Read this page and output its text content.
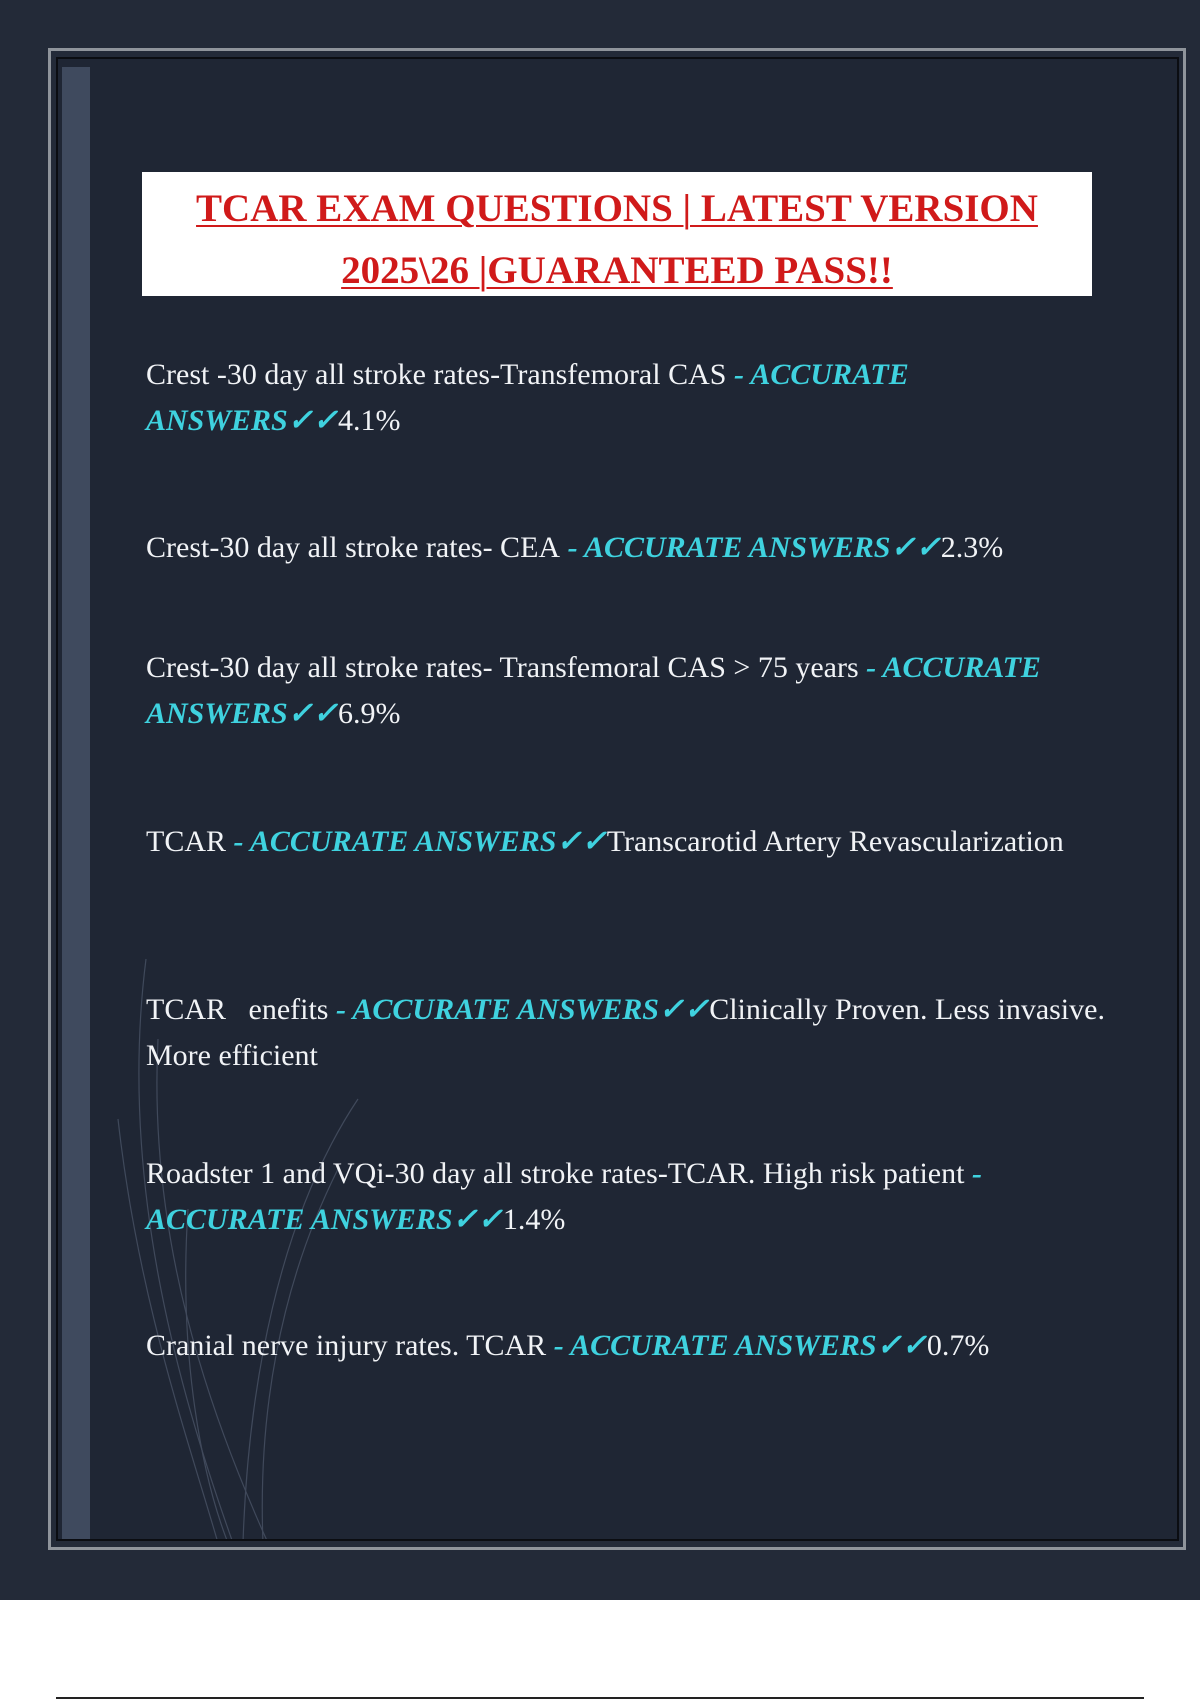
TCAR EXAM QUESTIONS | LATEST VERSION
2025\26 |GUARANTEED PASS!!

Crest -30 day all stroke rates-Transfemoral CAS - ACCURATE ANSWERS✓✓4.1%

Crest-30 day all stroke rates- CEA - ACCURATE ANSWERS✓✓2.3%

Crest-30 day all stroke rates- Transfemoral CAS > 75 years - ACCURATE ANSWERS✓✓6.9%

TCAR - ACCURATE ANSWERS✓✓Transcarotid Artery Revascularization

TCAR   enefits - ACCURATE ANSWERS✓✓Clinically Proven. Less invasive. More efficient

Roadster 1 and VQi-30 day all stroke rates-TCAR. High risk patient - ACCURATE ANSWERS✓✓1.4%

Cranial nerve injury rates. TCAR - ACCURATE ANSWERS✓✓0.7%
